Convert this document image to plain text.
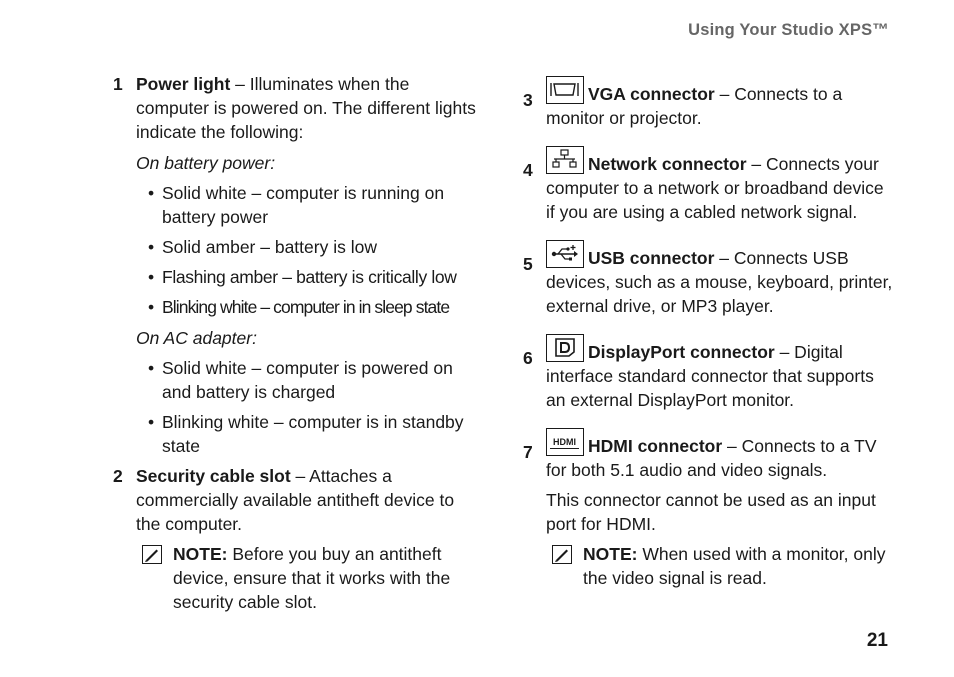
Using Your Studio XPS™
1 Power light – Illuminates when the computer is powered on. The different lights indicate the following:

On battery power:

• Solid white – computer is running on battery power
• Solid amber – battery is low
• Flashing amber – battery is critically low
• Blinking white – computer in in sleep state

On AC adapter:

• Solid white – computer is powered on and battery is charged
• Blinking white – computer is in standby state
2 Security cable slot – Attaches a commercially available antitheft device to the computer.

NOTE: Before you buy an antitheft device, ensure that it works with the security cable slot.

3	VGA connector – Connects to a monitor or projector.

4	Network connector – Connects your computer to a network or broadband device if you are using a cabled network signal.

5	USB connector – Connects USB devices, such as a mouse, keyboard, printer, external drive, or MP3 player.

6	DisplayPort connector – Digital interface standard connector that supports an external DisplayPort monitor.

7 HDMI HDMI connector – Connects to a TV for both 5.1 audio and video signals.

This connector cannot be used as an input port for HDMI.

NOTE: When used with a monitor, only the video signal is read.

21
